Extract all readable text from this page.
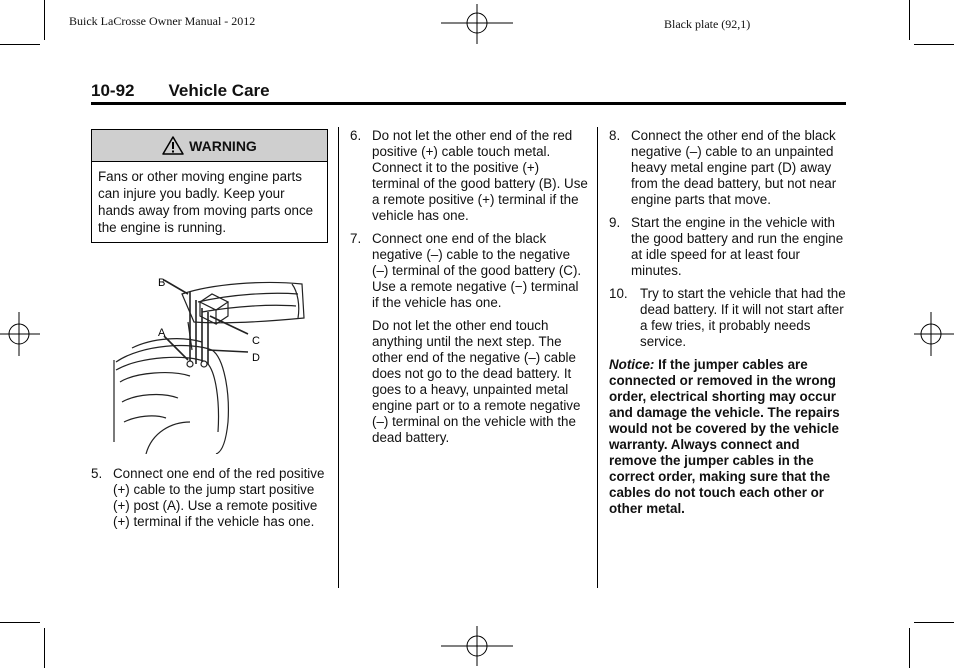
Buick LaCrosse Owner Manual - 2012	Black plate (92,1)
10-92 Vehicle Care
WARNING
Fans or other moving engine parts can injure you badly. Keep your hands away from moving parts once the engine is running.
B
A
C
D
5. Connect one end of the red positive (+) cable to the jump start positive (+) post (A). Use a remote positive (+) terminal if the vehicle has one.
6. Do not let the other end of the red positive (+) cable touch metal. Connect it to the positive (+) terminal of the good battery (B). Use a remote positive (+) terminal if the vehicle has one.
7. Connect one end of the black negative (–) cable to the negative (–) terminal of the good battery (C). Use a remote negative (−) terminal if the vehicle has one.
Do not let the other end touch anything until the next step. The other end of the negative (–) cable does not go to the dead battery. It goes to a heavy, unpainted metal engine part or to a remote negative (–) terminal on the vehicle with the dead battery.
8. Connect the other end of the black negative (–) cable to an unpainted heavy metal engine part (D) away from the dead battery, but not near engine parts that move.
9. Start the engine in the vehicle with the good battery and run the engine at idle speed for at least four minutes.
10. Try to start the vehicle that had the dead battery. If it will not start after a few tries, it probably needs service.
Notice: If the jumper cables are connected or removed in the wrong order, electrical shorting may occur and damage the vehicle. The repairs would not be covered by the vehicle warranty. Always connect and remove the jumper cables in the correct order, making sure that the cables do not touch each other or other metal.
